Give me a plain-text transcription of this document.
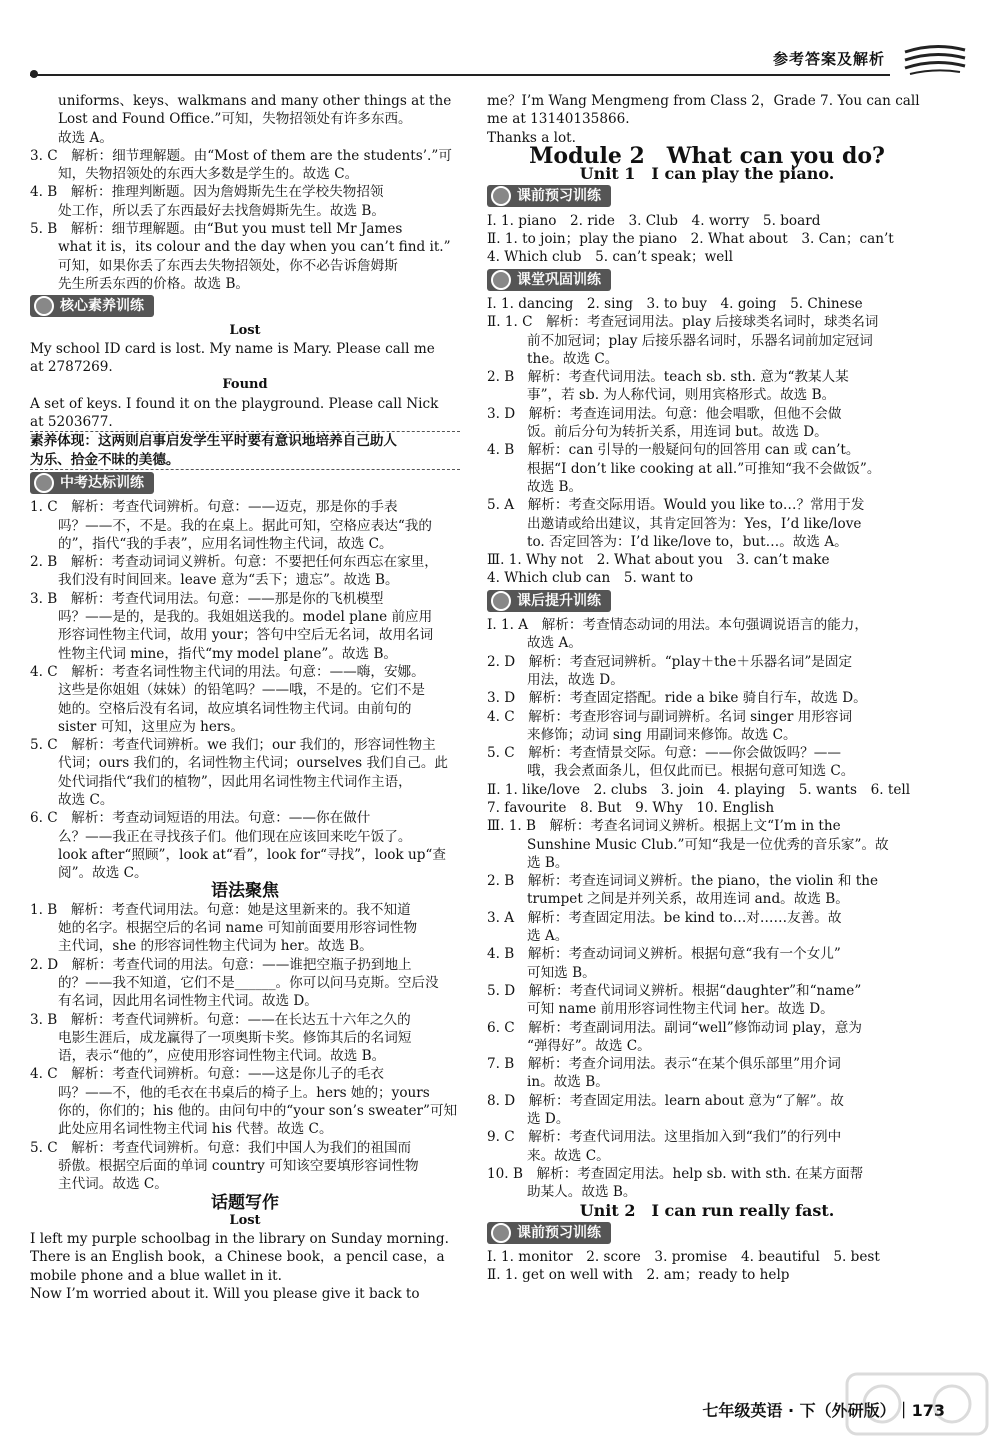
参考答案及解析

uniforms、keys、walkmans and many other things at the

Lost and Found Office.”可知，失物招领处有许多东西。

故选 A。

3. C　解析：细节理解题。由“Most of them are the students’.”可

知，失物招领处的东西大多数是学生的。故选 C。

4. B　解析：推理判断题。因为詹姆斯先生在学校失物招领

处工作，所以丢了东西最好去找詹姆斯先生。故选 B。

5. B　解析：细节理解题。由“But you must tell Mr James

what it is，its colour and the day when you can’t find it.”

可知，如果你丢了东西去失物招领处，你不必告诉詹姆斯

先生所丢东西的价格。故选 B。

核心素养训练

Lost

My school ID card is lost. My name is Mary. Please call me

at 2787269.

Found

A set of keys. I found it on the playground. Please call Nick

at 5203677.

素养体现：这两则启事启发学生平时要有意识地培养自己助人

为乐、拾金不昧的美德。

中考达标训练

1. C　解析：考查代词辨析。句意：——迈克，那是你的手表

吗？——不，不是。我的在桌上。据此可知，空格应表达“我的

的”，指代“我的手表”，应用名词性物主代词，故选 C。

2. B　解析：考查动词词义辨析。句意：不要把任何东西忘在家里，

我们没有时间回来。leave 意为“丢下；遗忘”。故选 B。

3. B　解析：考查代词用法。句意：——那是你的飞机模型

吗？——是的，是我的。我姐姐送我的。model plane 前应用

形容词性物主代词，故用 your；答句中空后无名词，故用名词

性物主代词 mine，指代“my model plane”。故选 B。

4. C　解析：考查名词性物主代词的用法。句意：——嗨，安娜。

这些是你姐姐（妹妹）的铅笔吗？——哦，不是的。它们不是

她的。空格后没有名词，故应填名词性物主代词。由前句的

sister 可知，这里应为 hers。

5. C　解析：考查代词辨析。we 我们；our 我们的，形容词性物主

代词；ours 我们的，名词性物主代词；ourselves 我们自己。此

处代词指代“我们的植物”，因此用名词性物主代词作主语，

故选 C。

6. C　解析：考查动词短语的用法。句意：——你在做什

么？——我正在寻找孩子们。他们现在应该回来吃午饭了。

look after“照顾”，look at“看”，look for“寻找”，look up“查

阅”。故选 C。

语法聚焦

1. B　解析：考查代词用法。句意：她是这里新来的。我不知道

她的名字。根据空后的名词 name 可知前面要用形容词性物

主代词，she 的形容词性物主代词为 her。故选 B。

2. D　解析：考查代词的用法。句意：——谁把空瓶子扔到地上

的？——我不知道，它们不是______。你可以问马克斯。空后没

有名词，因此用名词性物主代词。故选 D。

3. B　解析：考查代词辨析。句意：——在长达五十六年之久的

电影生涯后，成龙赢得了一项奥斯卡奖。修饰其后的名词短

语，表示“他的”，应使用形容词性物主代词。故选 B。

4. C　解析：考查代词辨析。句意：——这是你儿子的毛衣

吗？——不，他的毛衣在书桌后的椅子上。hers 她的；yours

你的，你们的；his 他的。由问句中的“your son’s sweater”可知

此处应用名词性物主代词 his 代替。故选 C。

5. C　解析：考查代词辨析。句意：我们中国人为我们的祖国而

骄傲。根据空后面的单词 country 可知该空要填形容词性物

主代词。故选 C。

话题写作

Lost

I left my purple schoolbag in the library on Sunday morning.

There is an English book，a Chinese book，a pencil case，a

mobile phone and a blue wallet in it.

Now I’m worried about it. Will you please give it back to

me？I’m Wang Mengmeng from Class 2，Grade 7. You can call

me at 13140135866.

Thanks a lot.

Module 2　What can you do?

Unit 1　I can play the piano.

课前预习训练

Ⅰ. 1. piano　2. ride　3. Club　4. worry　5. board

Ⅱ. 1. to join；play the piano　2. What about　3. Can；can’t

4. Which club　5. can’t speak；well

课堂巩固训练

Ⅰ. 1. dancing　2. sing　3. to buy　4. going　5. Chinese

Ⅱ. 1. C　解析：考查冠词用法。play 后接球类名词时，球类名词

前不加冠词；play 后接乐器名词时，乐器名词前加定冠词

the。故选 C。

2. B　解析：考查代词用法。teach sb. sth. 意为“教某人某

事”，若 sb. 为人称代词，则用宾格形式。故选 B。

3. D　解析：考查连词用法。句意：他会唱歌，但他不会做

饭。前后分句为转折关系，用连词 but。故选 D。

4. B　解析：can 引导的一般疑问句的回答用 can 或 can’t。

根据“I don’t like cooking at all.”可推知“我不会做饭”。

故选 B。

5. A　解析：考查交际用语。Would you like to…？常用于发

出邀请或给出建议，其肯定回答为：Yes，I’d like/love

to. 否定回答为：I’d like/love to，but…。故选 A。

Ⅲ. 1. Why not　2. What about you　3. can’t make

4. Which club can　5. want to

课后提升训练

Ⅰ. 1. A　解析：考查情态动词的用法。本句强调说语言的能力，

故选 A。

2. D　解析：考查冠词辨析。“play＋the＋乐器名词”是固定

用法，故选 D。

3. D　解析：考查固定搭配。ride a bike 骑自行车，故选 D。

4. C　解析：考查形容词与副词辨析。名词 singer 用形容词

来修饰；动词 sing 用副词来修饰。故选 C。

5. C　解析：考查情景交际。句意：——你会做饭吗？——

哦，我会煮面条儿，但仅此而已。根据句意可知选 C。

Ⅱ. 1. like/love　2. clubs　3. join　4. playing　5. wants　6. tell

7. favourite　8. But　9. Why　10. English

Ⅲ. 1. B　解析：考查名词词义辨析。根据上文“I’m in the

Sunshine Music Club.”可知“我是一位优秀的音乐家”。故

选 B。

2. B　解析：考查连词词义辨析。the piano，the violin 和 the

trumpet 之间是并列关系，故用连词 and。故选 B。

3. A　解析：考查固定用法。be kind to…对……友善。故

选 A。

4. B　解析：考查动词词义辨析。根据句意“我有一个女儿”

可知选 B。

5. D　解析：考查代词词义辨析。根据“daughter”和“name”

可知 name 前用形容词性物主代词 her。故选 D。

6. C　解析：考查副词用法。副词“well”修饰动词 play，意为

“弹得好”。故选 C。

7. B　解析：考查介词用法。表示“在某个俱乐部里”用介词

in。故选 B。

8. D　解析：考查固定用法。learn about 意为“了解”。故

选 D。

9. C　解析：考查代词用法。这里指加入到“我们”的行列中

来。故选 C。

10. B　解析：考查固定用法。help sb. with sth. 在某方面帮

助某人。故选 B。

Unit 2　I can run really fast.

课前预习训练

Ⅰ. 1. monitor　2. score　3. promise　4. beautiful　5. best

Ⅱ. 1. get on well with　2. am；ready to help

七年级英语 · 下（外研版）｜173
